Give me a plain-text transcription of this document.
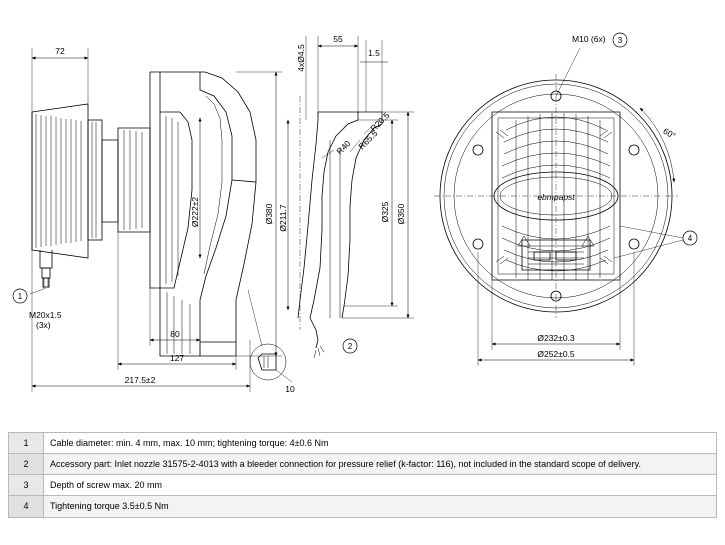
72
1
M20x1.5
(3x)
Ø222±2	Ø380
80
127
217.5±2
10
55
1.5
4xØ4.5
R40 R65.5
R20.5
Ø211.7	Ø325 Ø350
2
ebmpapst
M10 (6x) 3
60°
4
Ø232±0.3
Ø252±0.5
1	Cable diameter: min. 4 mm, max. 10 mm; tightening torque: 4±0.6 Nm
2	Accessory part: Inlet nozzle 31575-2-4013 with a bleeder connection for pressure relief (k-factor: 116), not included in the standard scope of delivery.
3	Depth of screw max. 20 mm
4	Tightening torque 3.5±0.5 Nm
